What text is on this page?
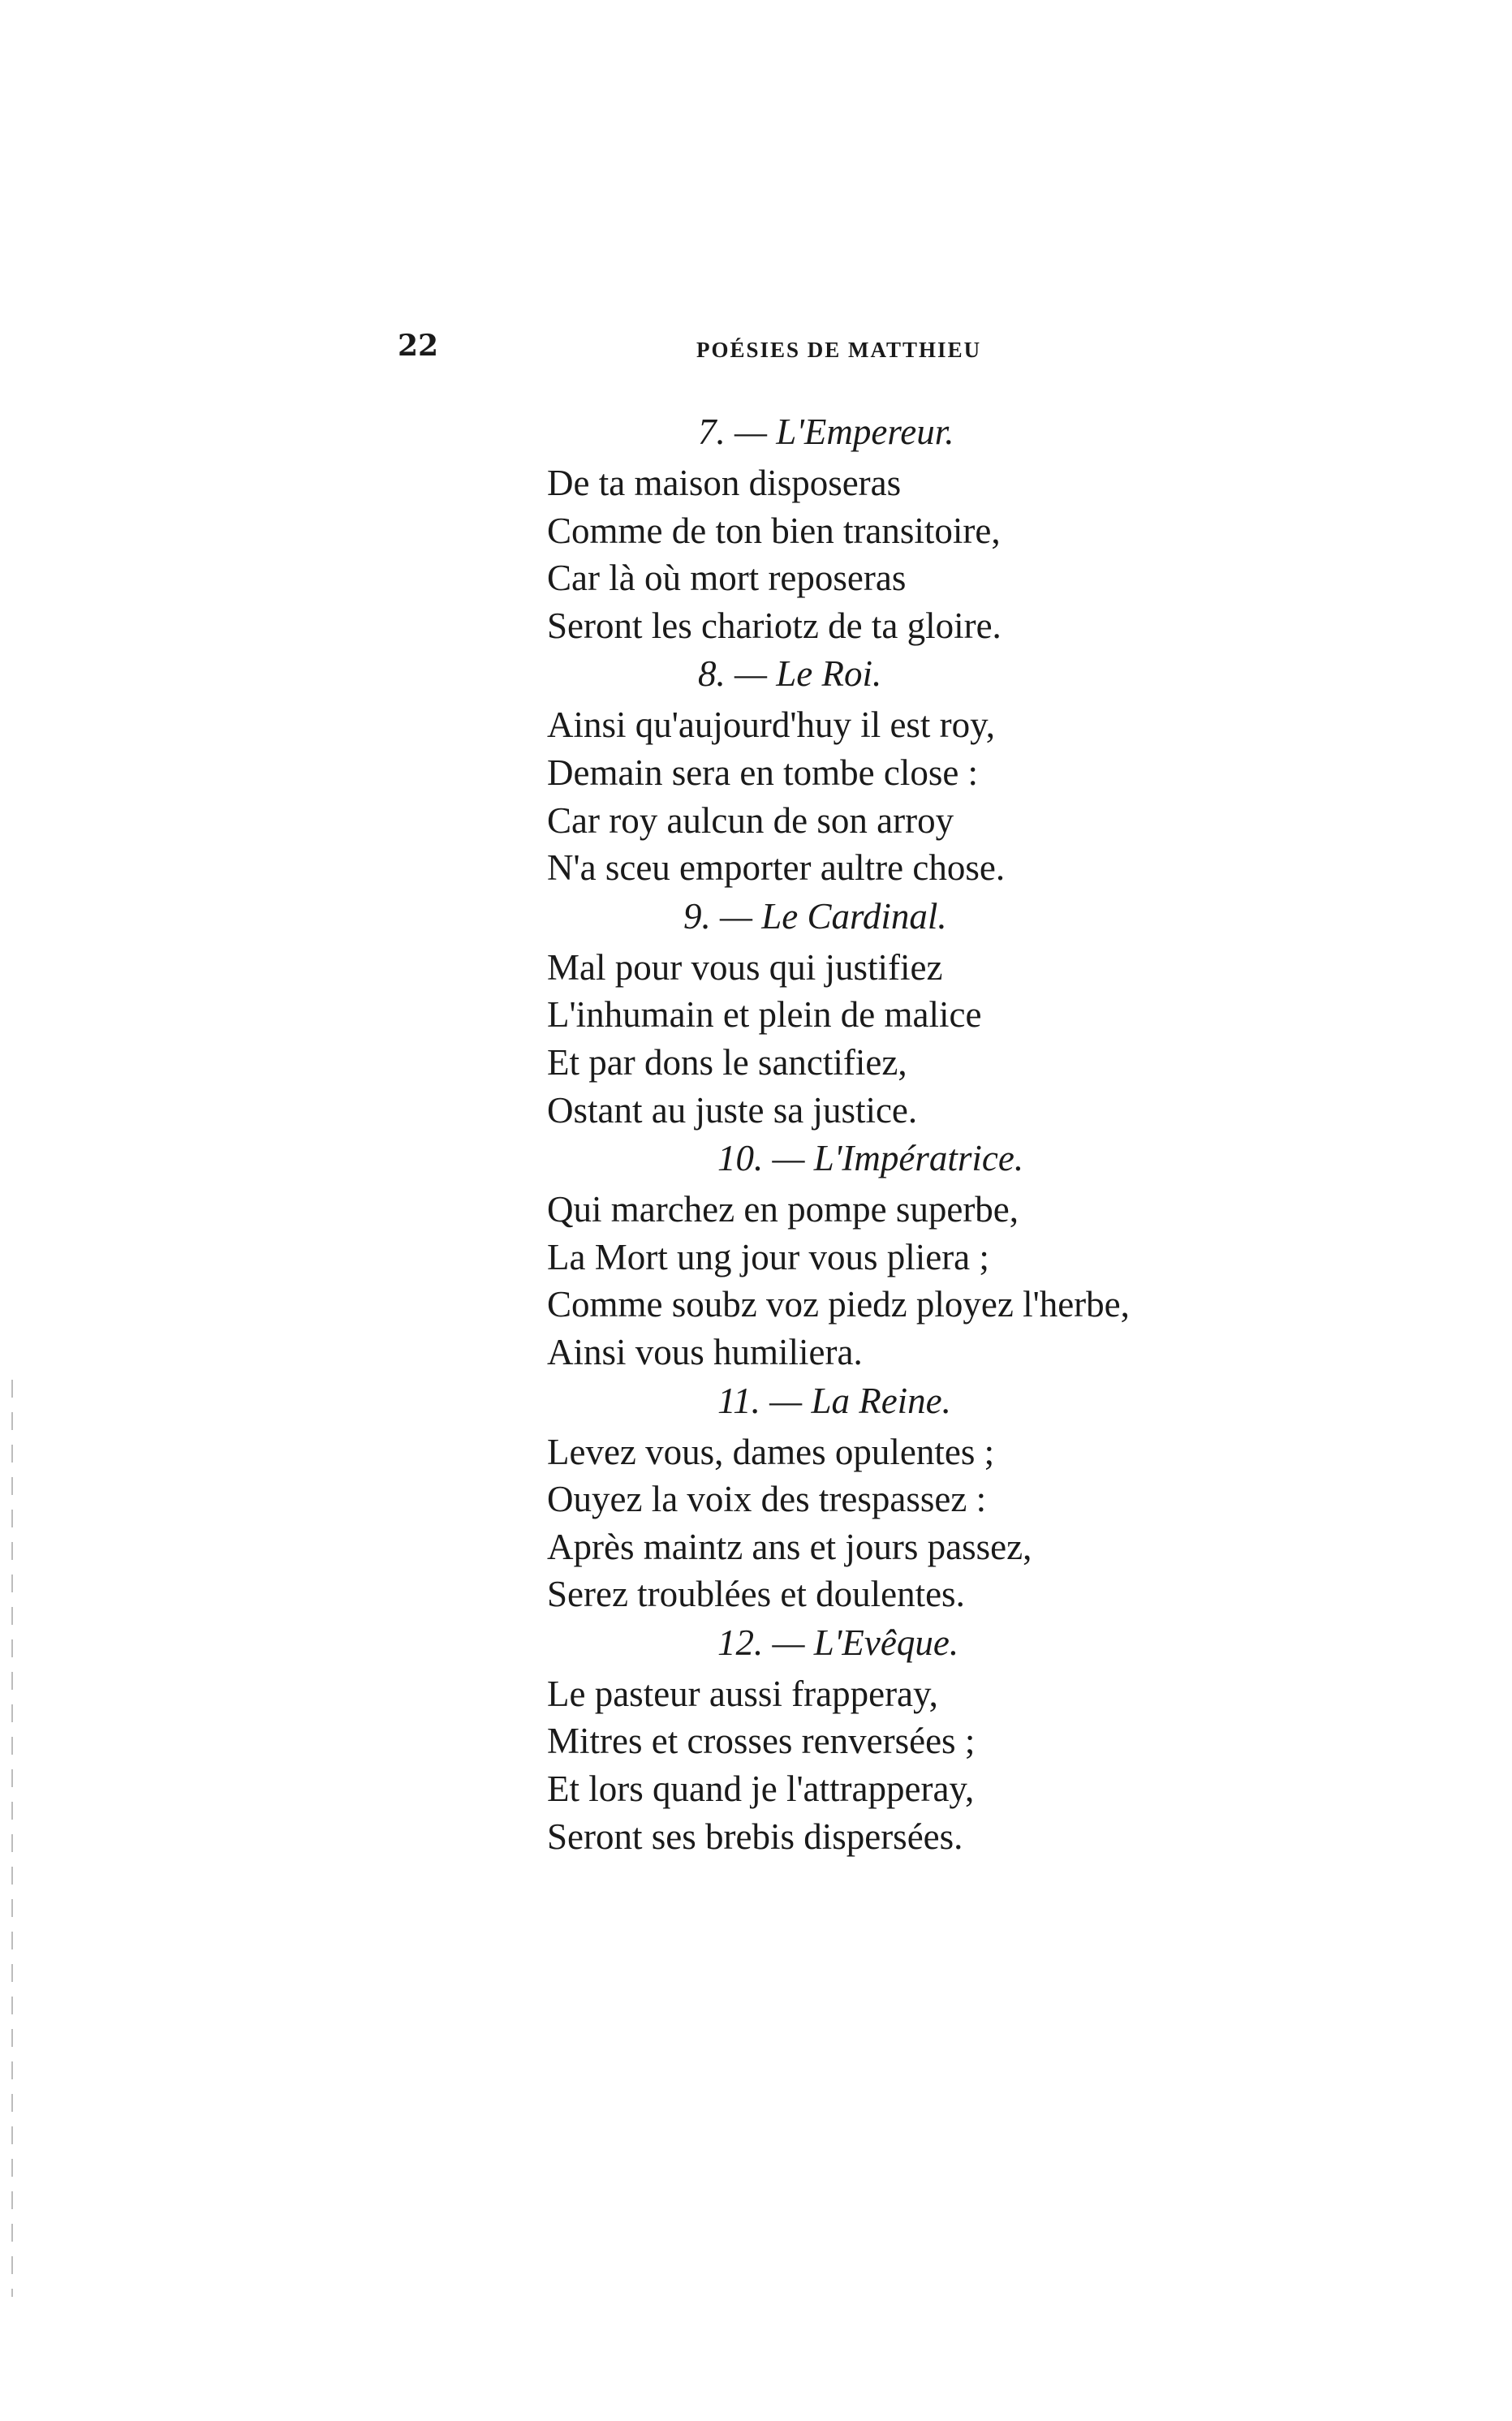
22	POÉSIES DE MATTHIEU
7. — L'Empereur.
De ta maison disposeras
Comme de ton bien transitoire,
Car là où mort reposeras
Seront les chariotz de ta gloire.
8. — Le Roi.
Ainsi qu'aujourd'huy il est roy,
Demain sera en tombe close :
Car roy aulcun de son arroy
N'a sceu emporter aultre chose.
9. — Le Cardinal.
Mal pour vous qui justifiez
L'inhumain et plein de malice
Et par dons le sanctifiez,
Ostant au juste sa justice.
10. — L'Impératrice.
Qui marchez en pompe superbe,
La Mort ung jour vous pliera ;
Comme soubz voz piedz ployez l'herbe,
Ainsi vous humiliera.
11. — La Reine.
Levez vous, dames opulentes ;
Ouyez la voix des trespassez :
Après maintz ans et jours passez,
Serez troublées et doulentes.
12. — L'Evêque.
Le pasteur aussi frapperay,
Mitres et crosses renversées ;
Et lors quand je l'attrapperay,
Seront ses brebis dispersées.
